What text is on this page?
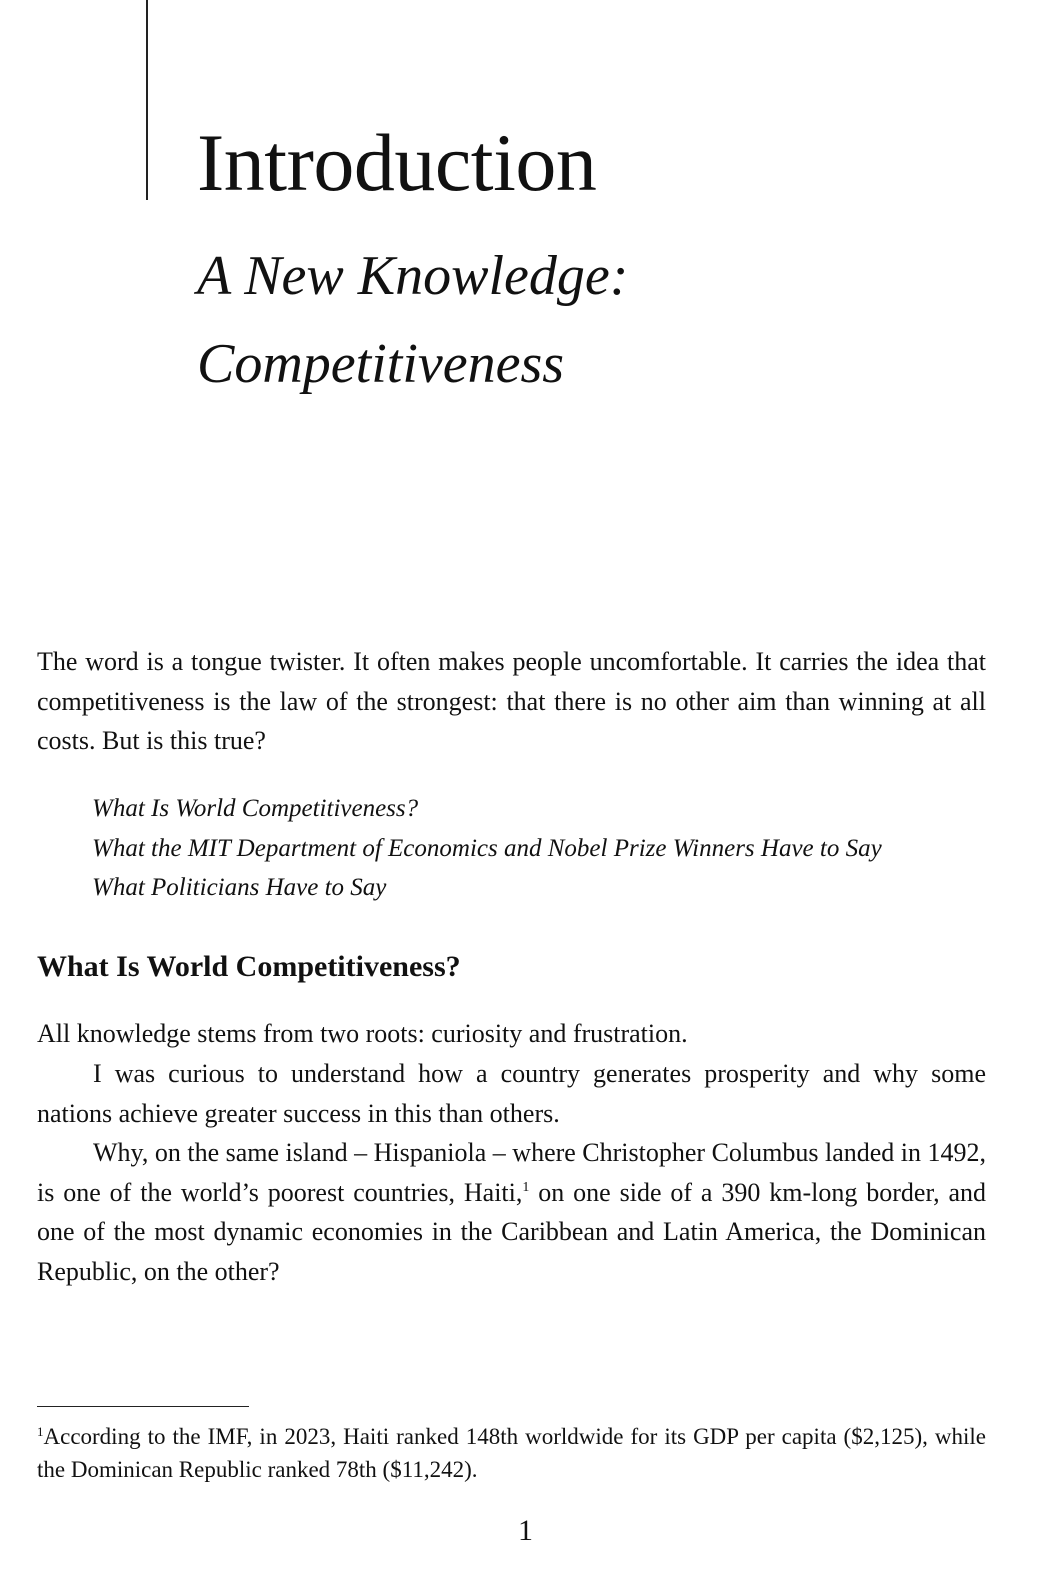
Introduction
A New Knowledge:
Competitiveness

The word is a tongue twister. It often makes people uncomfortable. It carries the idea that competitiveness is the law of the strongest: that there is no other aim than winning at all costs. But is this true?

What Is World Competitiveness?
What the MIT Department of Economics and Nobel Prize Winners Have to Say
What Politicians Have to Say
What Is World Competitiveness?

All knowledge stems from two roots: curiosity and frustration.

I was curious to understand how a country generates prosperity and why some nations achieve greater success in this than others.

Why, on the same island – Hispaniola – where Christopher Columbus landed in 1492, is one of the world’s poorest countries, Haiti,$^1$ on one side of a 390 km-long border, and one of the most dynamic economies in the Caribbean and Latin America, the Dominican Republic, on the other?

$^1$According to the IMF, in 2023, Haiti ranked 148th worldwide for its GDP per capita ($2,125), while the Dominican Republic ranked 78th ($11,242).

1
